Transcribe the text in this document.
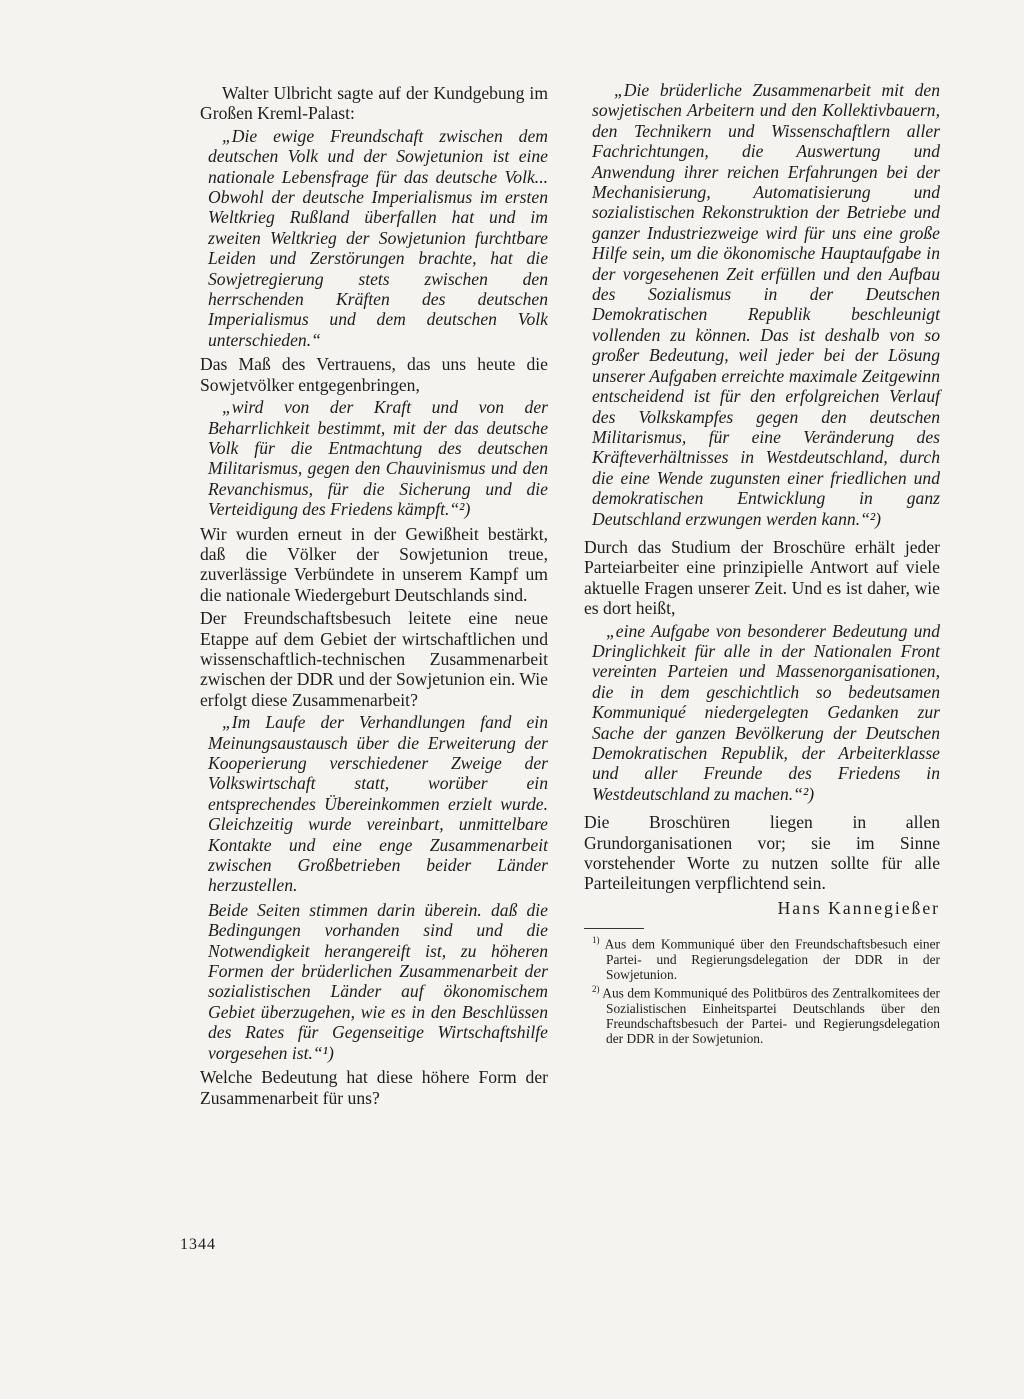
Walter Ulbricht sagte auf der Kundgebung im Großen Kreml-Palast:

„Die ewige Freundschaft zwischen dem deutschen Volk und der Sowjetunion ist eine nationale Lebensfrage für das deutsche Volk... Obwohl der deutsche Imperialismus im ersten Weltkrieg Rußland überfallen hat und im zweiten Weltkrieg der Sowjetunion furchtbare Leiden und Zerstörungen brachte, hat die Sowjetregierung stets zwischen den herrschenden Kräften des deutschen Imperialismus und dem deutschen Volk unterschieden.“

Das Maß des Vertrauens, das uns heute die Sowjetvölker entgegenbringen,

„wird von der Kraft und von der Beharrlichkeit bestimmt, mit der das deutsche Volk für die Entmachtung des deutschen Militarismus, gegen den Chauvinismus und den Revanchismus, für die Sicherung und die Verteidigung des Friedens kämpft.“²)

Wir wurden erneut in der Gewißheit bestärkt, daß die Völker der Sowjetunion treue, zuverlässige Verbündete in unserem Kampf um die nationale Wiedergeburt Deutschlands sind.

Der Freundschaftsbesuch leitete eine neue Etappe auf dem Gebiet der wirtschaftlichen und wissenschaftlich-technischen Zusammenarbeit zwischen der DDR und der Sowjetunion ein. Wie erfolgt diese Zusammenarbeit?

„Im Laufe der Verhandlungen fand ein Meinungsaustausch über die Erweiterung der Kooperierung verschiedener Zweige der Volkswirtschaft statt, worüber ein entsprechendes Übereinkommen erzielt wurde. Gleichzeitig wurde vereinbart, unmittelbare Kontakte und eine enge Zusammenarbeit zwischen Großbetrieben beider Länder herzustellen.

Beide Seiten stimmen darin überein. daß die Bedingungen vorhanden sind und die Notwendigkeit herangereift ist, zu höheren Formen der brüderlichen Zusammenarbeit der sozialistischen Länder auf ökonomischem Gebiet überzugehen, wie es in den Beschlüssen des Rates für Gegenseitige Wirtschaftshilfe vorgesehen ist.“¹)

Welche Bedeutung hat diese höhere Form der Zusammenarbeit für uns?

„Die brüderliche Zusammenarbeit mit den sowjetischen Arbeitern und den Kollektivbauern, den Technikern und Wissenschaftlern aller Fachrichtungen, die Auswertung und Anwendung ihrer reichen Erfahrungen bei der Mechanisierung, Automatisierung und sozialistischen Rekonstruktion der Betriebe und ganzer Industriezweige wird für uns eine große Hilfe sein, um die ökonomische Hauptaufgabe in der vorgesehenen Zeit erfüllen und den Aufbau des Sozialismus in der Deutschen Demokratischen Republik beschleunigt vollenden zu können. Das ist deshalb von so großer Bedeutung, weil jeder bei der Lösung unserer Aufgaben erreichte maximale Zeitgewinn entscheidend ist für den erfolgreichen Verlauf des Volkskampfes gegen den deutschen Militarismus, für eine Veränderung des Kräfteverhältnisses in Westdeutschland, durch die eine Wende zugunsten einer friedlichen und demokratischen Entwicklung in ganz Deutschland erzwungen werden kann.“²)

Durch das Studium der Broschüre erhält jeder Parteiarbeiter eine prinzipielle Antwort auf viele aktuelle Fragen unserer Zeit. Und es ist daher, wie es dort heißt,

„eine Aufgabe von besonderer Bedeutung und Dringlichkeit für alle in der Nationalen Front vereinten Parteien und Massenorganisationen, die in dem geschichtlich so bedeutsamen Kommuniqué niedergelegten Gedanken zur Sache der ganzen Bevölkerung der Deutschen Demokratischen Republik, der Arbeiterklasse und aller Freunde des Friedens in Westdeutschland zu machen.“²)

Die Broschüren liegen in allen Grundorganisationen vor; sie im Sinne vorstehender Worte zu nutzen sollte für alle Parteileitungen verpflichtend sein.

Hans Kannegießer

$^{1)}$ Aus dem Kommuniqué über den Freundschaftsbesuch einer Partei- und Regierungsdelegation der DDR in der Sowjetunion.

$^{2)}$ Aus dem Kommuniqué des Politbüros des Zentralkomitees der Sozialistischen Einheitspartei Deutschlands über den Freundschaftsbesuch der Partei- und Regierungsdelegation der DDR in der Sowjetunion.

1344
